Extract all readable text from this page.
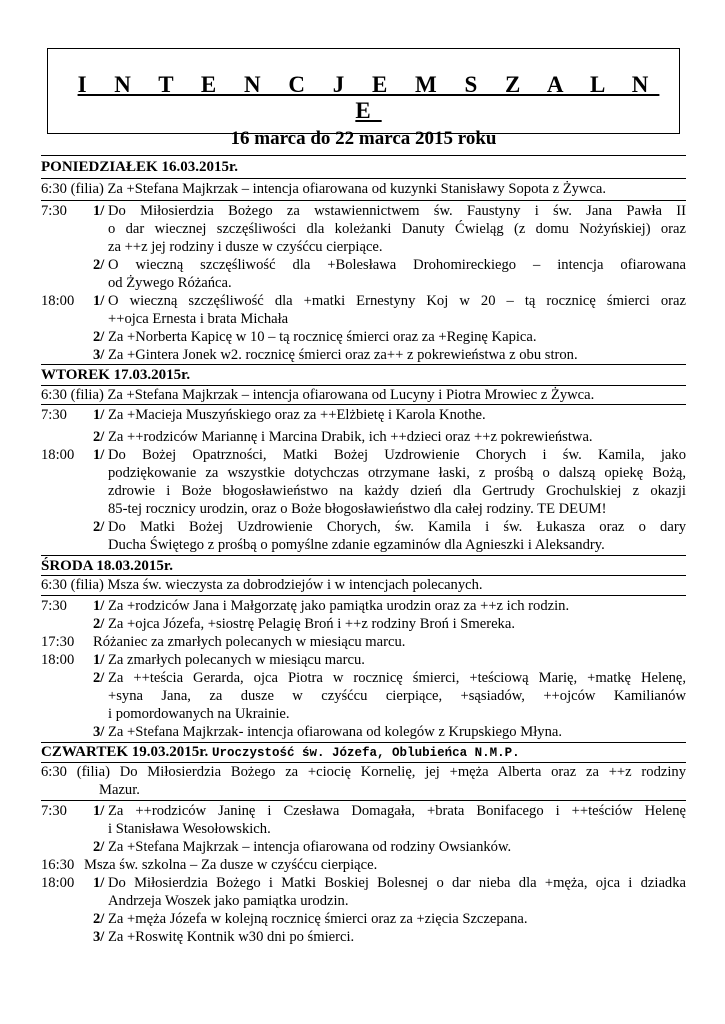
I N T E N C J E M S Z A L N E
16 marca do 22 marca 2015 roku
PONIEDZIAŁEK 16.03.2015r.
6:30 (filia) Za +Stefana Majkrzak – intencja ofiarowana od kuzynki Stanisławy Sopota z Żywca.
7:30 1/ Do Miłosierdzia Bożego za wstawiennictwem św. Faustyny i św. Jana Pawła II
o dar wiecznej szczęśliwości dla koleżanki Danuty Ćwieląg (z domu Nożyńskiej) oraz
za ++z jej rodziny i dusze w czyśćcu cierpiące.
2/ O wieczną szczęśliwość dla +Bolesława Drohomireckiego – intencja ofiarowana
od Żywego Różańca.
18:00 1/ O wieczną szczęśliwość dla +matki Ernestyny Koj w 20 – tą rocznicę śmierci oraz
++ojca Ernesta i brata Michała
2/ Za +Norberta Kapicę w 10 – tą rocznicę śmierci oraz za +Reginę Kapica.
3/ Za +Gintera Jonek w2. rocznicę śmierci oraz za++ z pokrewieństwa z obu stron.
WTOREK 17.03.2015r.
6:30 (filia) Za +Stefana Majkrzak – intencja ofiarowana od Lucyny i Piotra Mrowiec z Żywca.
7:30 1/ Za +Macieja Muszyńskiego oraz za ++Elżbietę i Karola Knothe.
2/ Za ++rodziców Mariannę i Marcina Drabik, ich ++dzieci oraz ++z pokrewieństwa.
18:00 1/ Do Bożej Opatrzności, Matki Bożej Uzdrowienie Chorych i św. Kamila, jako
podziękowanie za wszystkie dotychczas otrzymane łaski, z prośbą o dalszą opiekę Bożą,
zdrowie i Boże błogosławieństwo na każdy dzień dla Gertrudy Grochulskiej z okazji
85-tej rocznicy urodzin, oraz o Boże błogosławieństwo dla całej rodziny. TE DEUM!
2/ Do Matki Bożej Uzdrowienie Chorych, św. Kamila i św. Łukasza oraz o dary
Ducha Świętego z prośbą o pomyślne zdanie egzaminów dla Agnieszki i Aleksandry.
ŚRODA 18.03.2015r.
6:30 (filia) Msza św. wieczysta za dobrodziejów i w intencjach polecanych.
7:30 1/ Za +rodziców Jana i Małgorzatę jako pamiątka urodzin oraz za ++z ich rodzin.
2/ Za +ojca Józefa, +siostrę Pelagię Broń i ++z rodziny Broń i Smereka.
17:30 Różaniec za zmarłych polecanych w miesiącu marcu.
18:00 1/ Za zmarłych polecanych w miesiącu marcu.
2/ Za ++teścia Gerarda, ojca Piotra w rocznicę śmierci, +teściową Marię, +matkę Helenę,
+syna Jana, za dusze w czyśćcu cierpiące, +sąsiadów, ++ojców Kamilianów
i pomordowanych na Ukrainie.
3/ Za +Stefana Majkrzak- intencja ofiarowana od kolegów z Krupskiego Młyna.
CZWARTEK 19.03.2015r. Uroczystość św. Józefa, Oblubieńca N.M.P.
6:30 (filia) Do Miłosierdzia Bożego za +ciocię Kornelię, jej +męża Alberta oraz za ++z rodziny
Mazur.
7:30 1/ Za ++rodziców Janinę i Czesława Domagała, +brata Bonifacego i ++teściów Helenę
i Stanisława Wesołowskich.
2/ Za +Stefana Majkrzak – intencja ofiarowana od rodziny Owsianków.
16:30 Msza św. szkolna – Za dusze w czyśćcu cierpiące.
18:00 1/ Do Miłosierdzia Bożego i Matki Boskiej Bolesnej o dar nieba dla +męża, ojca i dziadka
Andrzeja Woszek jako pamiątka urodzin.
2/ Za +męża Józefa w kolejną rocznicę śmierci oraz za +zięcia Szczepana.
3/ Za +Roswitę Kontnik w30 dni po śmierci.
